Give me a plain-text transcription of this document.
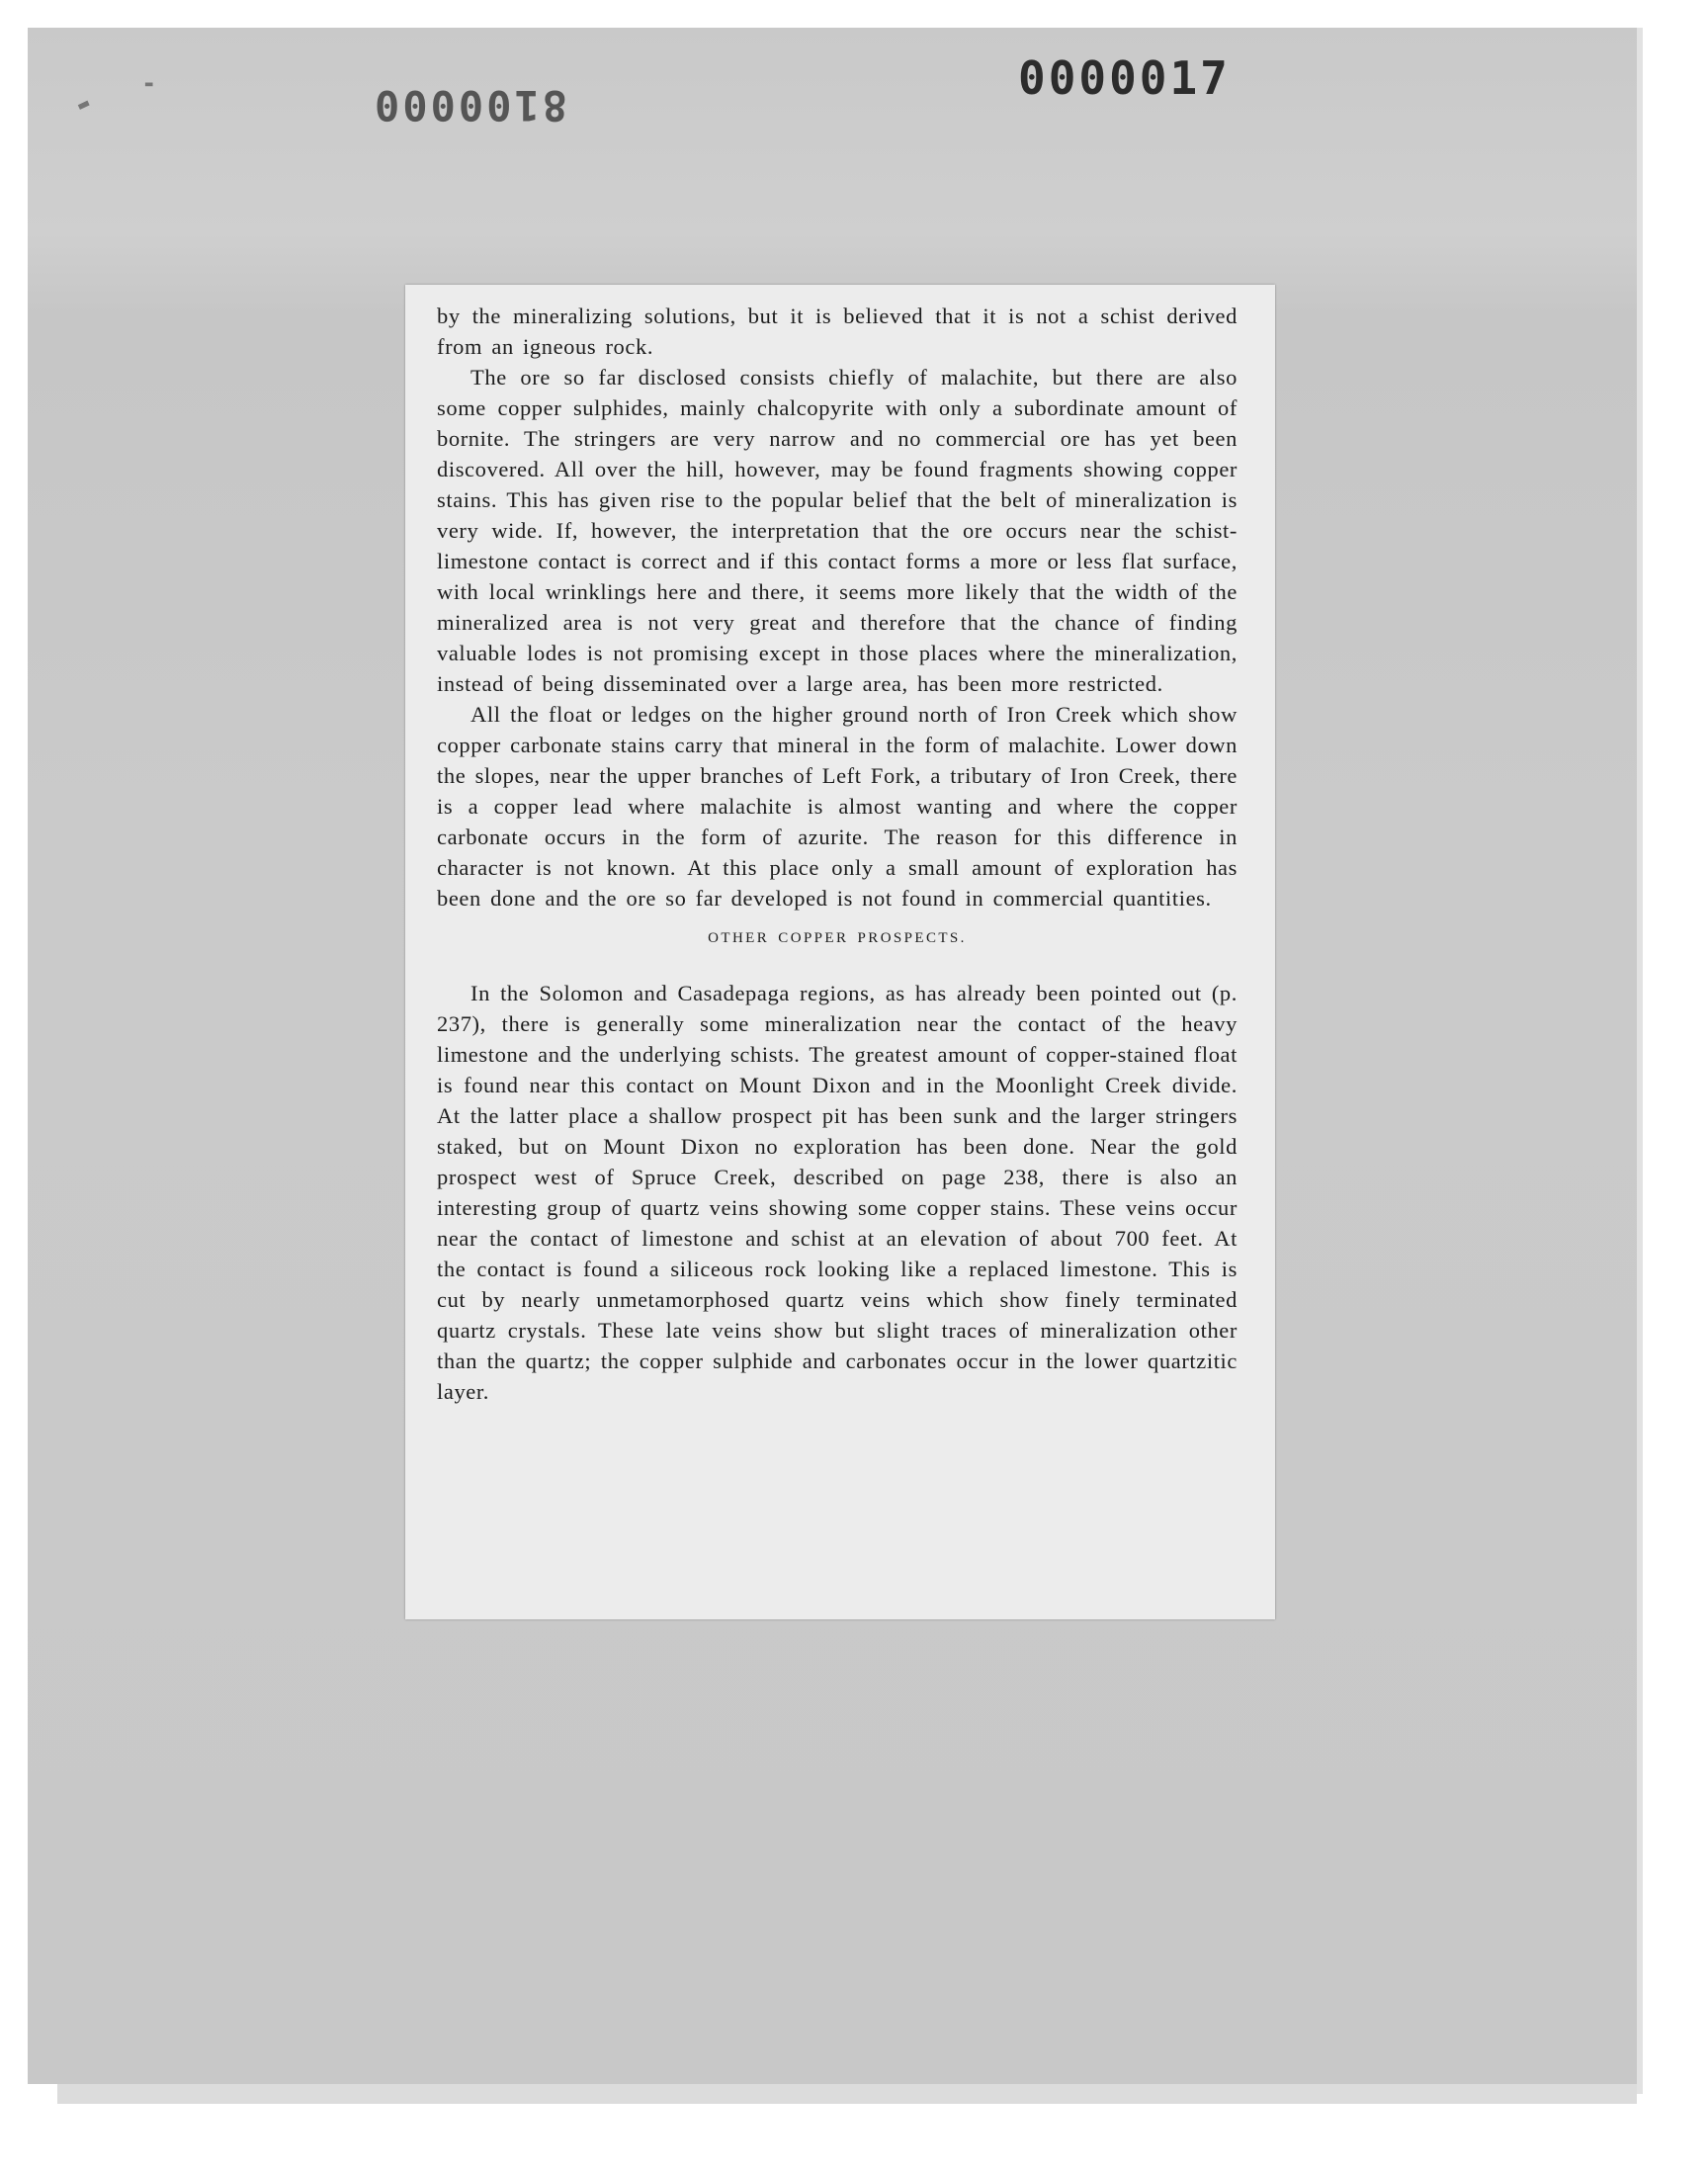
8100000
0000017
▬
▬

by the mineralizing solutions, but it is believed that it is not a schist derived from an igneous rock.

The ore so far disclosed consists chiefly of malachite, but there are also some copper sulphides, mainly chalcopyrite with only a subordinate amount of bornite. The stringers are very narrow and no commercial ore has yet been discovered. All over the hill, however, may be found fragments showing copper stains. This has given rise to the popular belief that the belt of mineralization is very wide. If, however, the interpretation that the ore occurs near the schist-limestone contact is correct and if this contact forms a more or less flat surface, with local wrinklings here and there, it seems more likely that the width of the mineralized area is not very great and therefore that the chance of finding valuable lodes is not promising except in those places where the mineralization, instead of being disseminated over a large area, has been more restricted.

All the float or ledges on the higher ground north of Iron Creek which show copper carbonate stains carry that mineral in the form of malachite. Lower down the slopes, near the upper branches of Left Fork, a tributary of Iron Creek, there is a copper lead where malachite is almost wanting and where the copper carbonate occurs in the form of azurite. The reason for this difference in character is not known. At this place only a small amount of exploration has been done and the ore so far developed is not found in commercial quantities.

OTHER COPPER PROSPECTS.

In the Solomon and Casadepaga regions, as has already been pointed out (p. 237), there is generally some mineralization near the contact of the heavy limestone and the underlying schists. The greatest amount of copper-stained float is found near this contact on Mount Dixon and in the Moonlight Creek divide. At the latter place a shallow prospect pit has been sunk and the larger stringers staked, but on Mount Dixon no exploration has been done. Near the gold prospect west of Spruce Creek, described on page 238, there is also an interesting group of quartz veins showing some copper stains. These veins occur near the contact of limestone and schist at an elevation of about 700 feet. At the contact is found a siliceous rock looking like a replaced limestone. This is cut by nearly unmetamorphosed quartz veins which show finely terminated quartz crystals. These late veins show but slight traces of mineralization other than the quartz; the copper sulphide and carbonates occur in the lower quartzitic layer.
